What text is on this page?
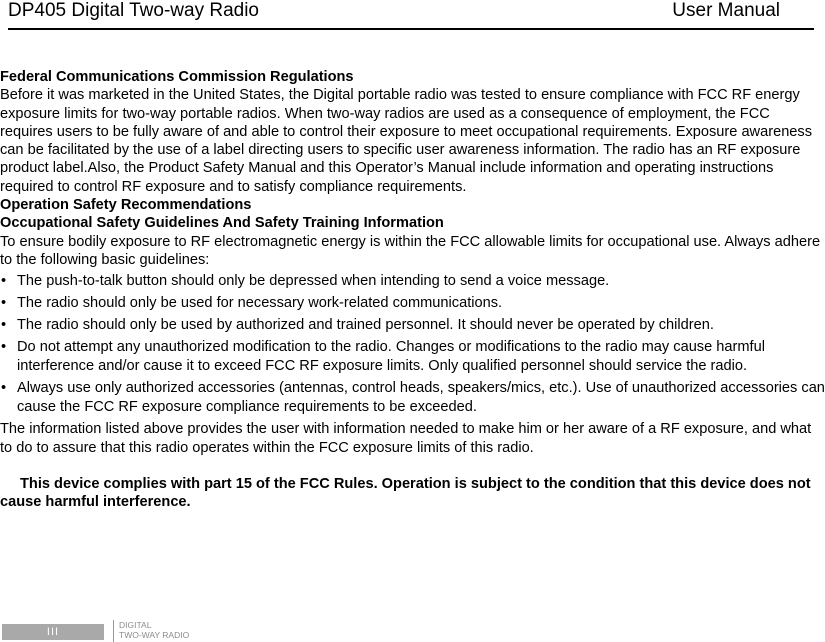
DP405 Digital Two-way Radio	User Manual

Federal Communications Commission Regulations

Before it was marketed in the United States, the Digital portable radio was tested to ensure compliance with FCC RF energy exposure limits for two-way portable radios. When two-way radios are used as a consequence of employment, the FCC requires users to be fully aware of and able to control their exposure to meet occupational requirements. Exposure awareness can be facilitated by the use of a label directing users to specific user awareness information. The radio has an RF exposure product label.Also, the Product Safety Manual and this Operator’s Manual include information and operating instructions required to control RF exposure and to satisfy compliance requirements.

Operation Safety Recommendations

Occupational Safety Guidelines And Safety Training Information

To ensure bodily exposure to RF electromagnetic energy is within the FCC allowable limits for occupational use. Always adhere to the following basic guidelines:

• The push-to-talk button should only be depressed when intending to send a voice message.
• The radio should only be used for necessary work-related communications.
• The radio should only be used by authorized and trained personnel. It should never be operated by children.
• Do not attempt any unauthorized modification to the radio. Changes or modifications to the radio may cause harmful interference and/or cause it to exceed FCC RF exposure limits. Only qualified personnel should service the radio.
• Always use only authorized accessories (antennas, control heads, speakers/mics, etc.). Use of unauthorized accessories can cause the FCC RF exposure compliance requirements to be exceeded.

The information listed above provides the user with information needed to make him or her aware of a RF exposure, and what to do to assure that this radio operates within the FCC exposure limits of this radio.

This device complies with part 15 of the FCC Rules. Operation is subject to the condition that this device does not cause harmful interference.

III
DIGITAL
TWO-WAY RADIO
